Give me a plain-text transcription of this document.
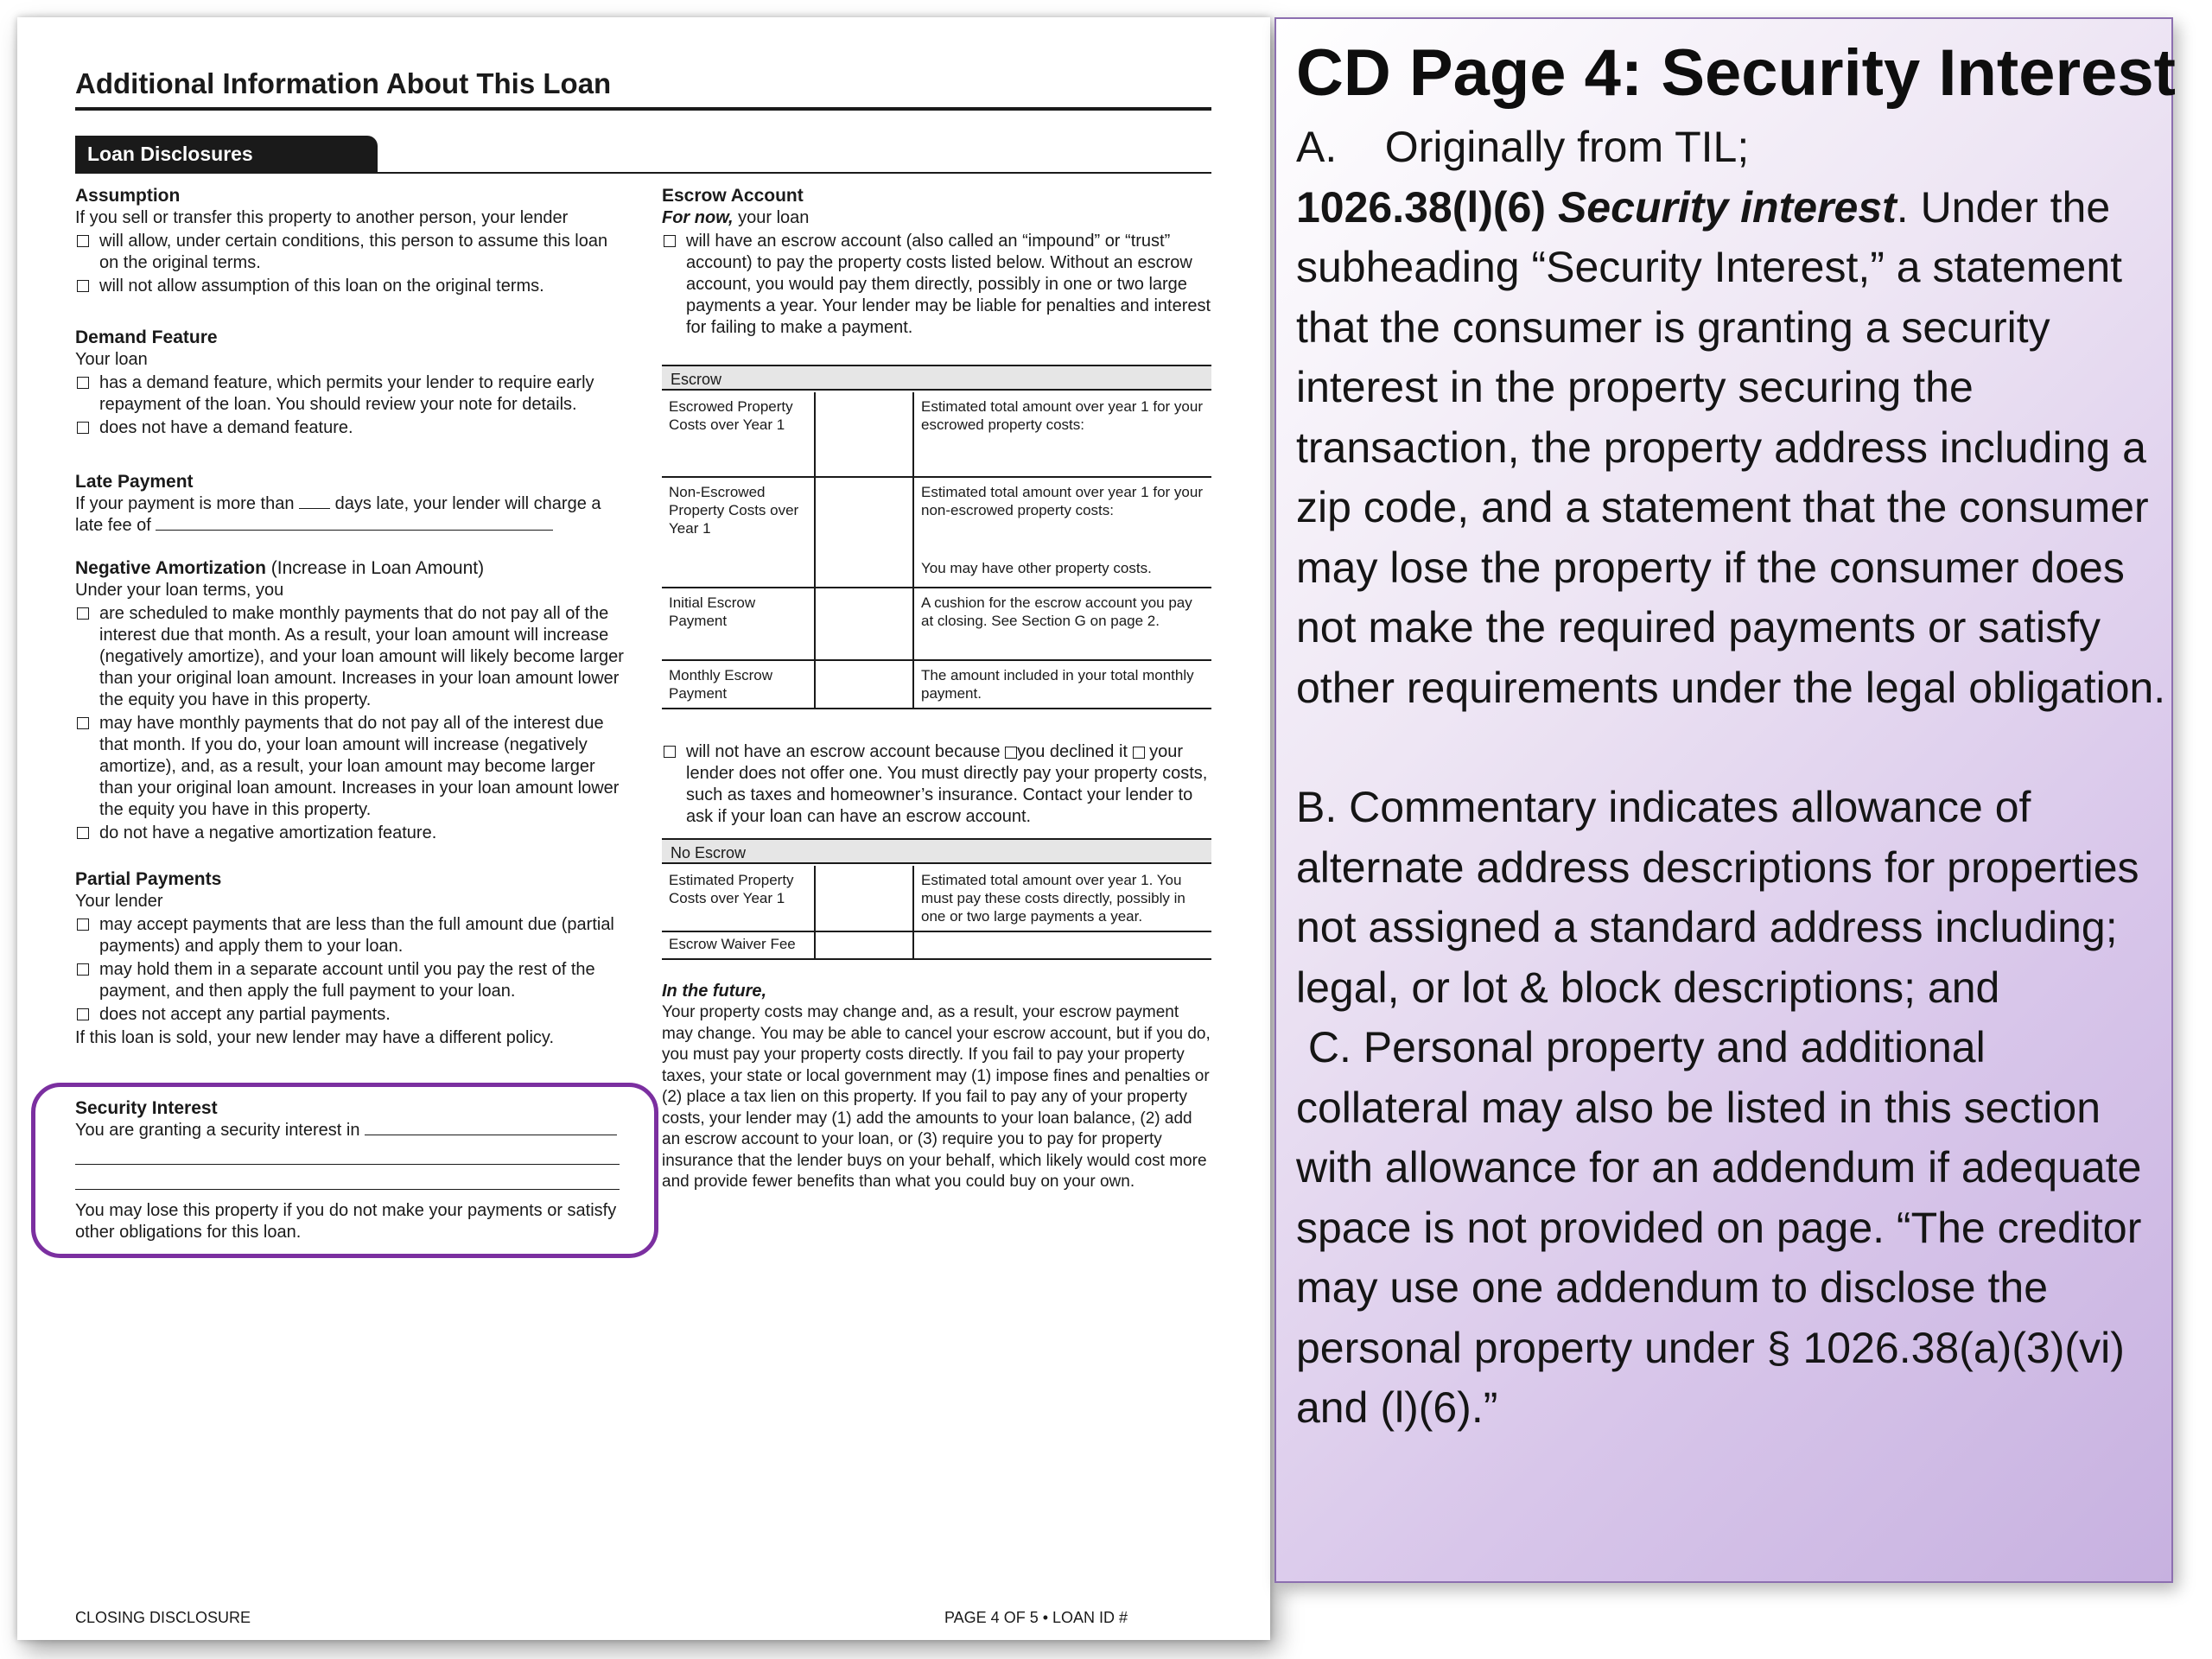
Additional Information About This Loan
Loan Disclosures
Assumption

If you sell or transfer this property to another person, your lender

will allow, under certain conditions, this person to assume this loan on the original terms.
will not allow assumption of this loan on the original terms.
Demand Feature

Your loan

has a demand feature, which permits your lender to require early repayment of the loan. You should review your note for details.
does not have a demand feature.
Late Payment

If your payment is more than days late, your lender will charge a late fee of

Negative Amortization (Increase in Loan Amount)

Under your loan terms, you

are scheduled to make monthly payments that do not pay all of the interest due that month. As a result, your loan amount will increase (negatively amortize), and your loan amount will likely become larger than your original loan amount. Increases in your loan amount lower the equity you have in this property.
may have monthly payments that do not pay all of the interest due that month. If you do, your loan amount will increase (negatively amortize), and, as a result, your loan amount may become larger than your original loan amount. Increases in your loan amount lower the equity you have in this property.
do not have a negative amortization feature.
Partial Payments

Your lender

may accept payments that are less than the full amount due (partial payments) and apply them to your loan.
may hold them in a separate account until you pay the rest of the payment, and then apply the full payment to your loan.
does not accept any partial payments.

If this loan is sold, your new lender may have a different policy.

Security Interest

You are granting a security interest in

You may lose this property if you do not make your payments or satisfy other obligations for this loan.

Escrow Account

For now, your loan

will have an escrow account (also called an “impound” or “trust” account) to pay the property costs listed below. Without an escrow account, you would pay them directly, possibly in one or two large payments a year. Your lender may be liable for penalties and interest for failing to make a payment.
Escrow
Escrowed Property Costs over Year 1		Estimated total amount over year 1 for your escrowed property costs:
Non-Escrowed Property Costs over Year 1		Estimated total amount over year 1 for your non-escrowed property costs:
You may have other property costs.

Initial Escrow Payment		A cushion for the escrow account you pay at closing. See Section G on page 2.
Monthly Escrow Payment		The amount included in your total monthly payment.
will not have an escrow account because you declined it your lender does not offer one. You must directly pay your property costs, such as taxes and homeowner’s insurance. Contact your lender to ask if your loan can have an escrow account.
No Escrow
Estimated Property Costs over Year 1		Estimated total amount over year 1. You must pay these costs directly, possibly in one or two large payments a year.
Escrow Waiver Fee		
In the future,

Your property costs may change and, as a result, your escrow payment may change. You may be able to cancel your escrow account, but if you do, you must pay your property costs directly. If you fail to pay your property taxes, your state or local government may (1) impose fines and penalties or (2) place a tax lien on this property. If you fail to pay any of your property costs, your lender may (1) add the amounts to your loan balance, (2) add an escrow account to your loan, or (3) require you to pay for property insurance that the lender buys on your behalf, which likely would cost more and provide fewer benefits than what you could buy on your own.

CLOSING DISCLOSURE	PAGE 4 OF 5 • LOAN ID #
CD Page 4: Security Interest

A.    Originally from TIL;

1026.38(l)(6) Security interest. Under the subheading “Security Interest,” a statement that the consumer is granting a security interest in the property securing the transaction, the property address including a zip code, and a statement that the consumer may lose the property if the consumer does not make the required payments or satisfy other requirements under the legal obligation.

B. Commentary indicates allowance of alternate address descriptions for properties not assigned a standard address including; legal, or lot & block descriptions; and

C. Personal property and additional collateral may also be listed in this section with allowance for an addendum if adequate space is not provided on page. “The creditor may use one addendum to disclose the personal property under § 1026.38(a)(3)(vi) and (l)(6).”
